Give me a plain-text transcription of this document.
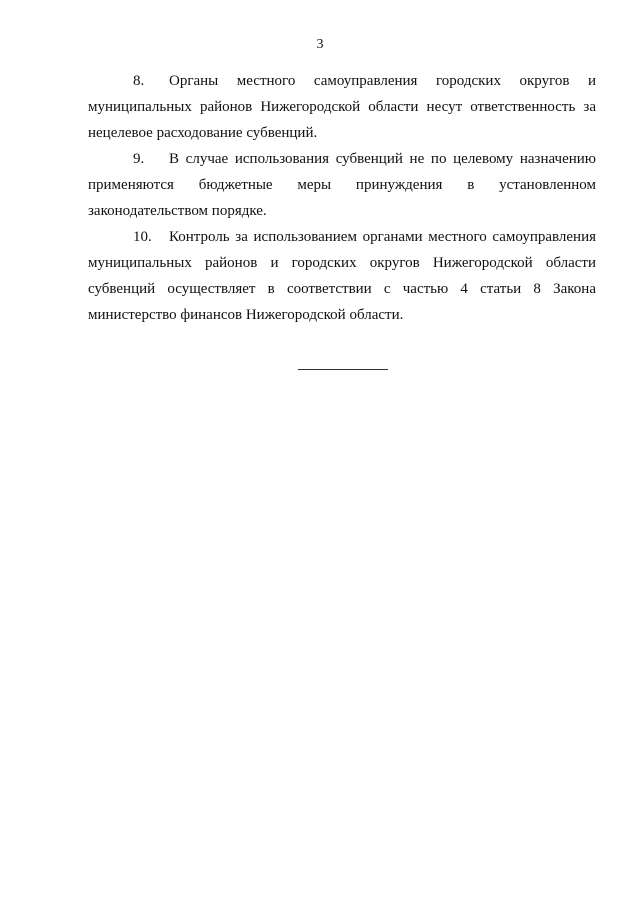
3

8. Органы местного самоуправления городских округов и муниципальных районов Нижегородской области несут ответственность за нецелевое расходование субвенций.

9. В случае использования субвенций не по целевому назначению применяются бюджетные меры принуждения в установленном законодательством порядке.

10. Контроль за использованием органами местного самоуправления муниципальных районов и городских округов Нижегородской области субвенций осуществляет в соответствии с частью 4 статьи 8 Закона министерство финансов Нижегородской области.
